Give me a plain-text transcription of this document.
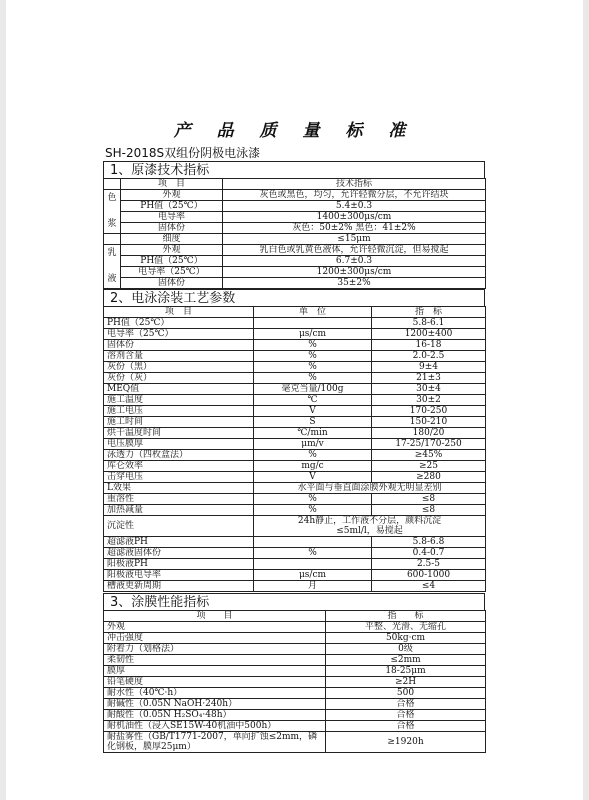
产 品 质 量 标 准
SH-2018S双组份阴极电泳漆
1、原漆技术指标
	项　目	技术指标
色

浆	外观	灰色或黑色，均匀，允许轻微分层，不允许结块
	PH值（25℃）	5.4±0.3
	电导率	1400±300μs/cm
	固体份	灰色：50±2% 黑色：41±2%
	细度	≤15μm
乳

液	外观	乳白色或乳黄色液体，允许轻微沉淀，但易搅起
	PH值（25℃）	6.7±0.3
	电导率（25℃）	1200±300μs/cm
	固体份	35±2%
2、电泳涂装工艺参数
项　目	单　位	指　标
PH值（25℃）		5.8-6.1
电导率（25℃）	μs/cm	1200±400
固体份	%	16-18
溶剂含量	%	2.0-2.5
灰份（黑）	%	9±4
灰份（灰）	%	21±3
MEQ值	毫克当量/100g	30±4
施工温度	℃	30±2
施工电压	V	170-250
施工时间	S	150-210
烘干温度时间	℃/min	180/20
电压膜厚	μm/v	17-25/170-250
泳透力（四枚盒法）	%	≥45%
库仑效率	mg/c	≥25
击穿电压	V	≥280
L效果	水平面与垂直面涂膜外观无明显差别	
重溶性	%	≤8
加热减量	%	≤8
沉淀性	24h静止，工作液不分层，颜料沉淀≤5ml/l，易搅起	
超滤液PH		5.8-6.8
超滤液固体份	%	0.4-0.7
阳极液PH		2.5-5
阳极液电导率	μs/cm	600-1000
槽液更新周期	月	≤4
3、涂膜性能指标
项　　目	指　　标
外观	平整、光滑、无缩孔
冲击强度	50kg·cm
附着力（划格法）	0级
柔韧性	≤2mm
膜厚	18-25μm
铅笔硬度	≥2H
耐水性（40℃·h）	500
耐碱性（0.05N NaOH·240h）	合格
耐酸性（0.05N H₂SO₄·48h）	合格
耐机油性（浸入SE15W-40机油中500h）	合格
耐盐雾性（GB/T1771-2007，单向扩蚀≤2mm，磷化钢板，膜厚25μm）	≥1920h
